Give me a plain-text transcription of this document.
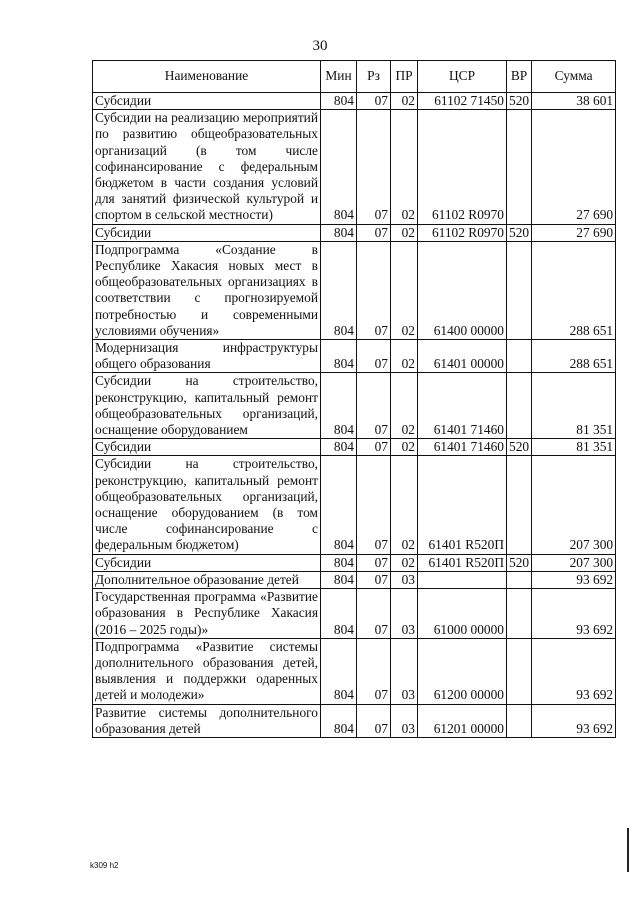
30
Наименование	Мин	Рз	ПР	ЦСР	ВР	Сумма
Субсидии	804	07	02	61102 71450	520	38 601
Субсидии на реализацию мероприятий по развитию общеобразовательных организаций (в том числе софинансирование с федеральным бюджетом в части создания условий для занятий физической культурой и спортом в сельской местности)	804	07	02	61102 R0970		27 690
Субсидии	804	07	02	61102 R0970	520	27 690
Подпрограмма «Создание в Республике Хакасия новых мест в общеобразовательных организациях в соответствии с прогнозируемой потребностью и современными условиями обучения»	804	07	02	61400 00000		288 651
Модернизация инфраструктуры общего образования	804	07	02	61401 00000		288 651
Субсидии на строительство, реконструкцию, капитальный ремонт общеобразовательных организаций, оснащение оборудованием	804	07	02	61401 71460		81 351
Субсидии	804	07	02	61401 71460	520	81 351
Субсидии на строительство, реконструкцию, капитальный ремонт общеобразовательных организаций, оснащение оборудованием (в том числе софинансирование с федеральным бюджетом)	804	07	02	61401 R520П		207 300
Субсидии	804	07	02	61401 R520П	520	207 300
Дополнительное образование детей	804	07	03			93 692
Государственная программа «Развитие образования в Республике Хакасия (2016 – 2025 годы)»	804	07	03	61000 00000		93 692
Подпрограмма «Развитие системы дополнительного образования детей, выявления и поддержки одаренных детей и молодежи»	804	07	03	61200 00000		93 692
Развитие системы дополнительного образования детей	804	07	03	61201 00000		93 692
k309 h2
